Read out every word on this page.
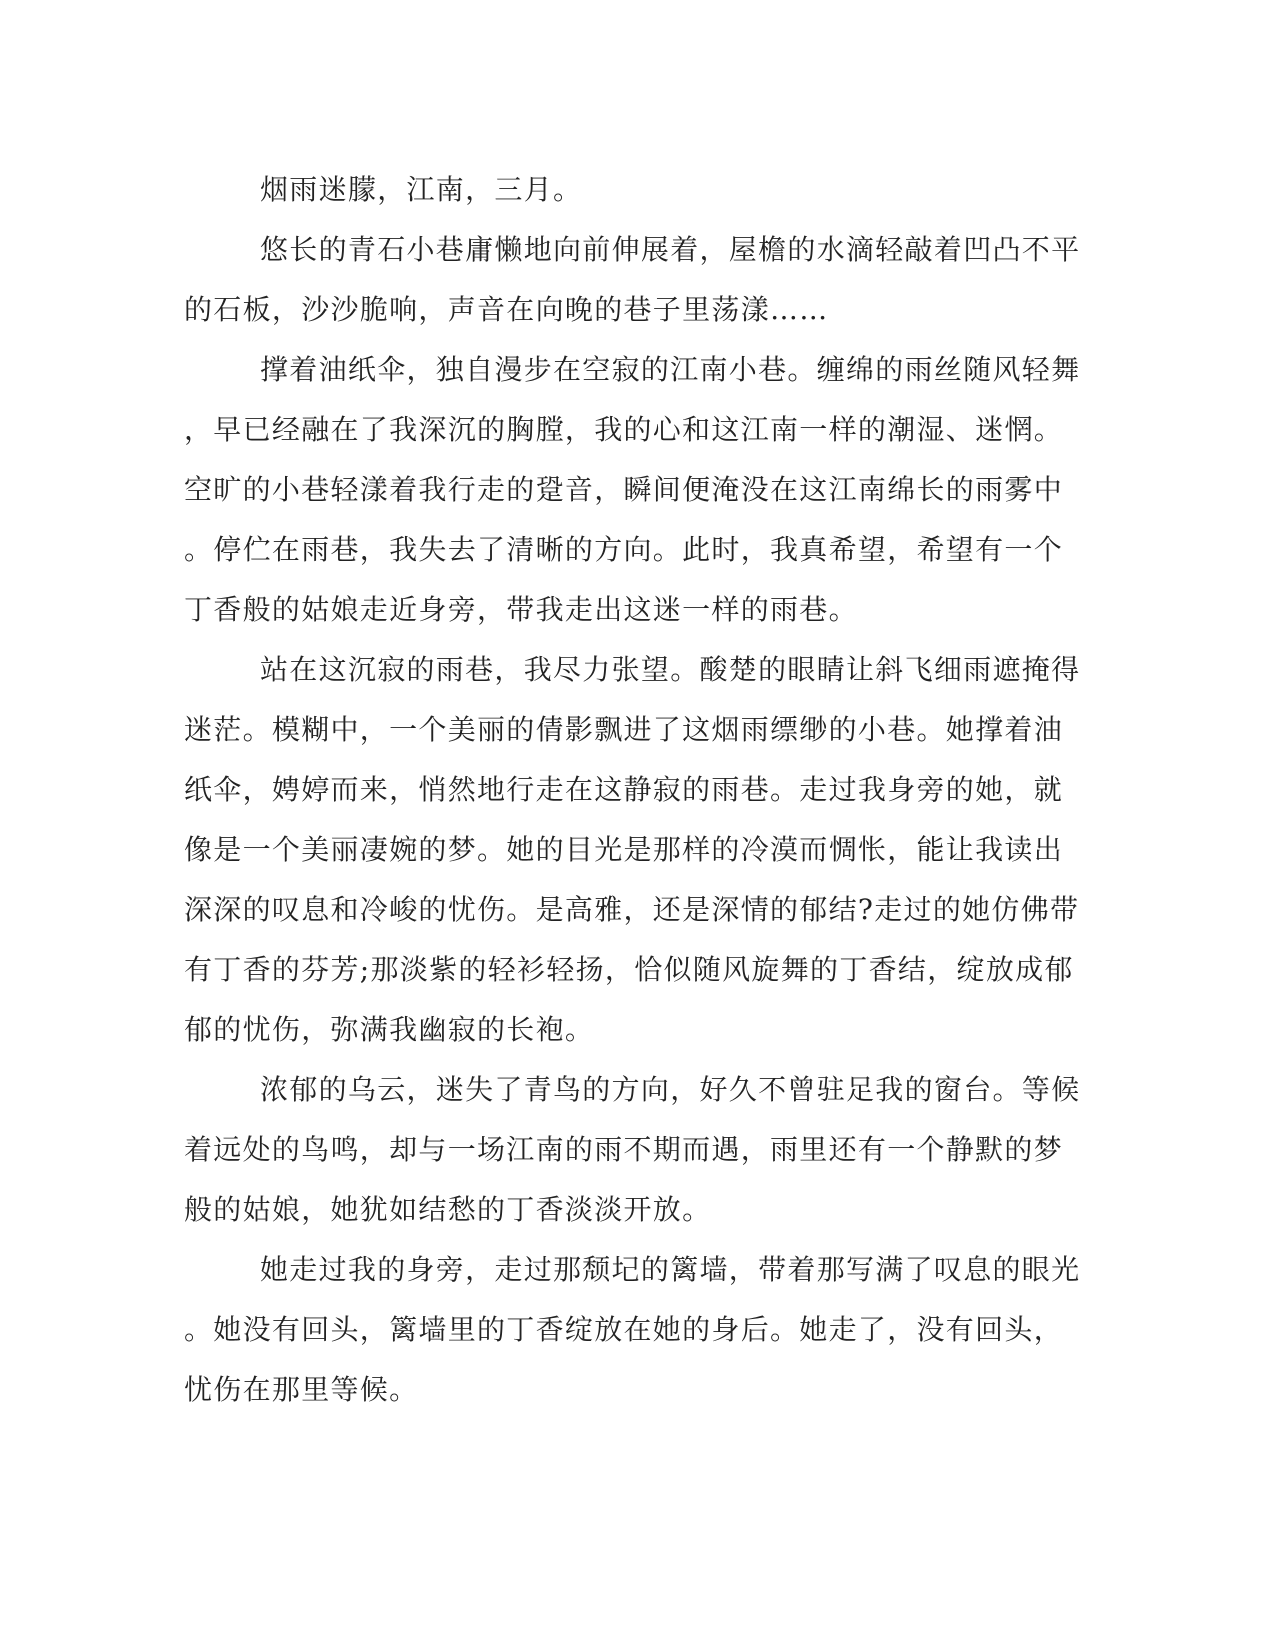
烟雨迷朦，江南，三月。
悠长的青石小巷庸懒地向前伸展着，屋檐的水滴轻敲着凹凸不平
的石板，沙沙脆响，声音在向晚的巷子里荡漾……
撑着油纸伞，独自漫步在空寂的江南小巷。缠绵的雨丝随风轻舞
，早已经融在了我深沉的胸膛，我的心和这江南一样的潮湿、迷惘。
空旷的小巷轻漾着我行走的跫音，瞬间便淹没在这江南绵长的雨雾中
。停伫在雨巷，我失去了清晰的方向。此时，我真希望，希望有一个
丁香般的姑娘走近身旁，带我走出这迷一样的雨巷。
站在这沉寂的雨巷，我尽力张望。酸楚的眼睛让斜飞细雨遮掩得
迷茫。模糊中，一个美丽的倩影飘进了这烟雨缥缈的小巷。她撑着油
纸伞，娉婷而来，悄然地行走在这静寂的雨巷。走过我身旁的她，就
像是一个美丽凄婉的梦。她的目光是那样的冷漠而惆怅，能让我读出
深深的叹息和冷峻的忧伤。是高雅，还是深情的郁结?走过的她仿佛带
有丁香的芬芳;那淡紫的轻衫轻扬，恰似随风旋舞的丁香结，绽放成郁
郁的忧伤，弥满我幽寂的长袍。
浓郁的乌云，迷失了青鸟的方向，好久不曾驻足我的窗台。等候
着远处的鸟鸣，却与一场江南的雨不期而遇，雨里还有一个静默的梦
般的姑娘，她犹如结愁的丁香淡淡开放。
她走过我的身旁，走过那颓圮的篱墙，带着那写满了叹息的眼光
。她没有回头，篱墙里的丁香绽放在她的身后。她走了，没有回头，
忧伤在那里等候。
